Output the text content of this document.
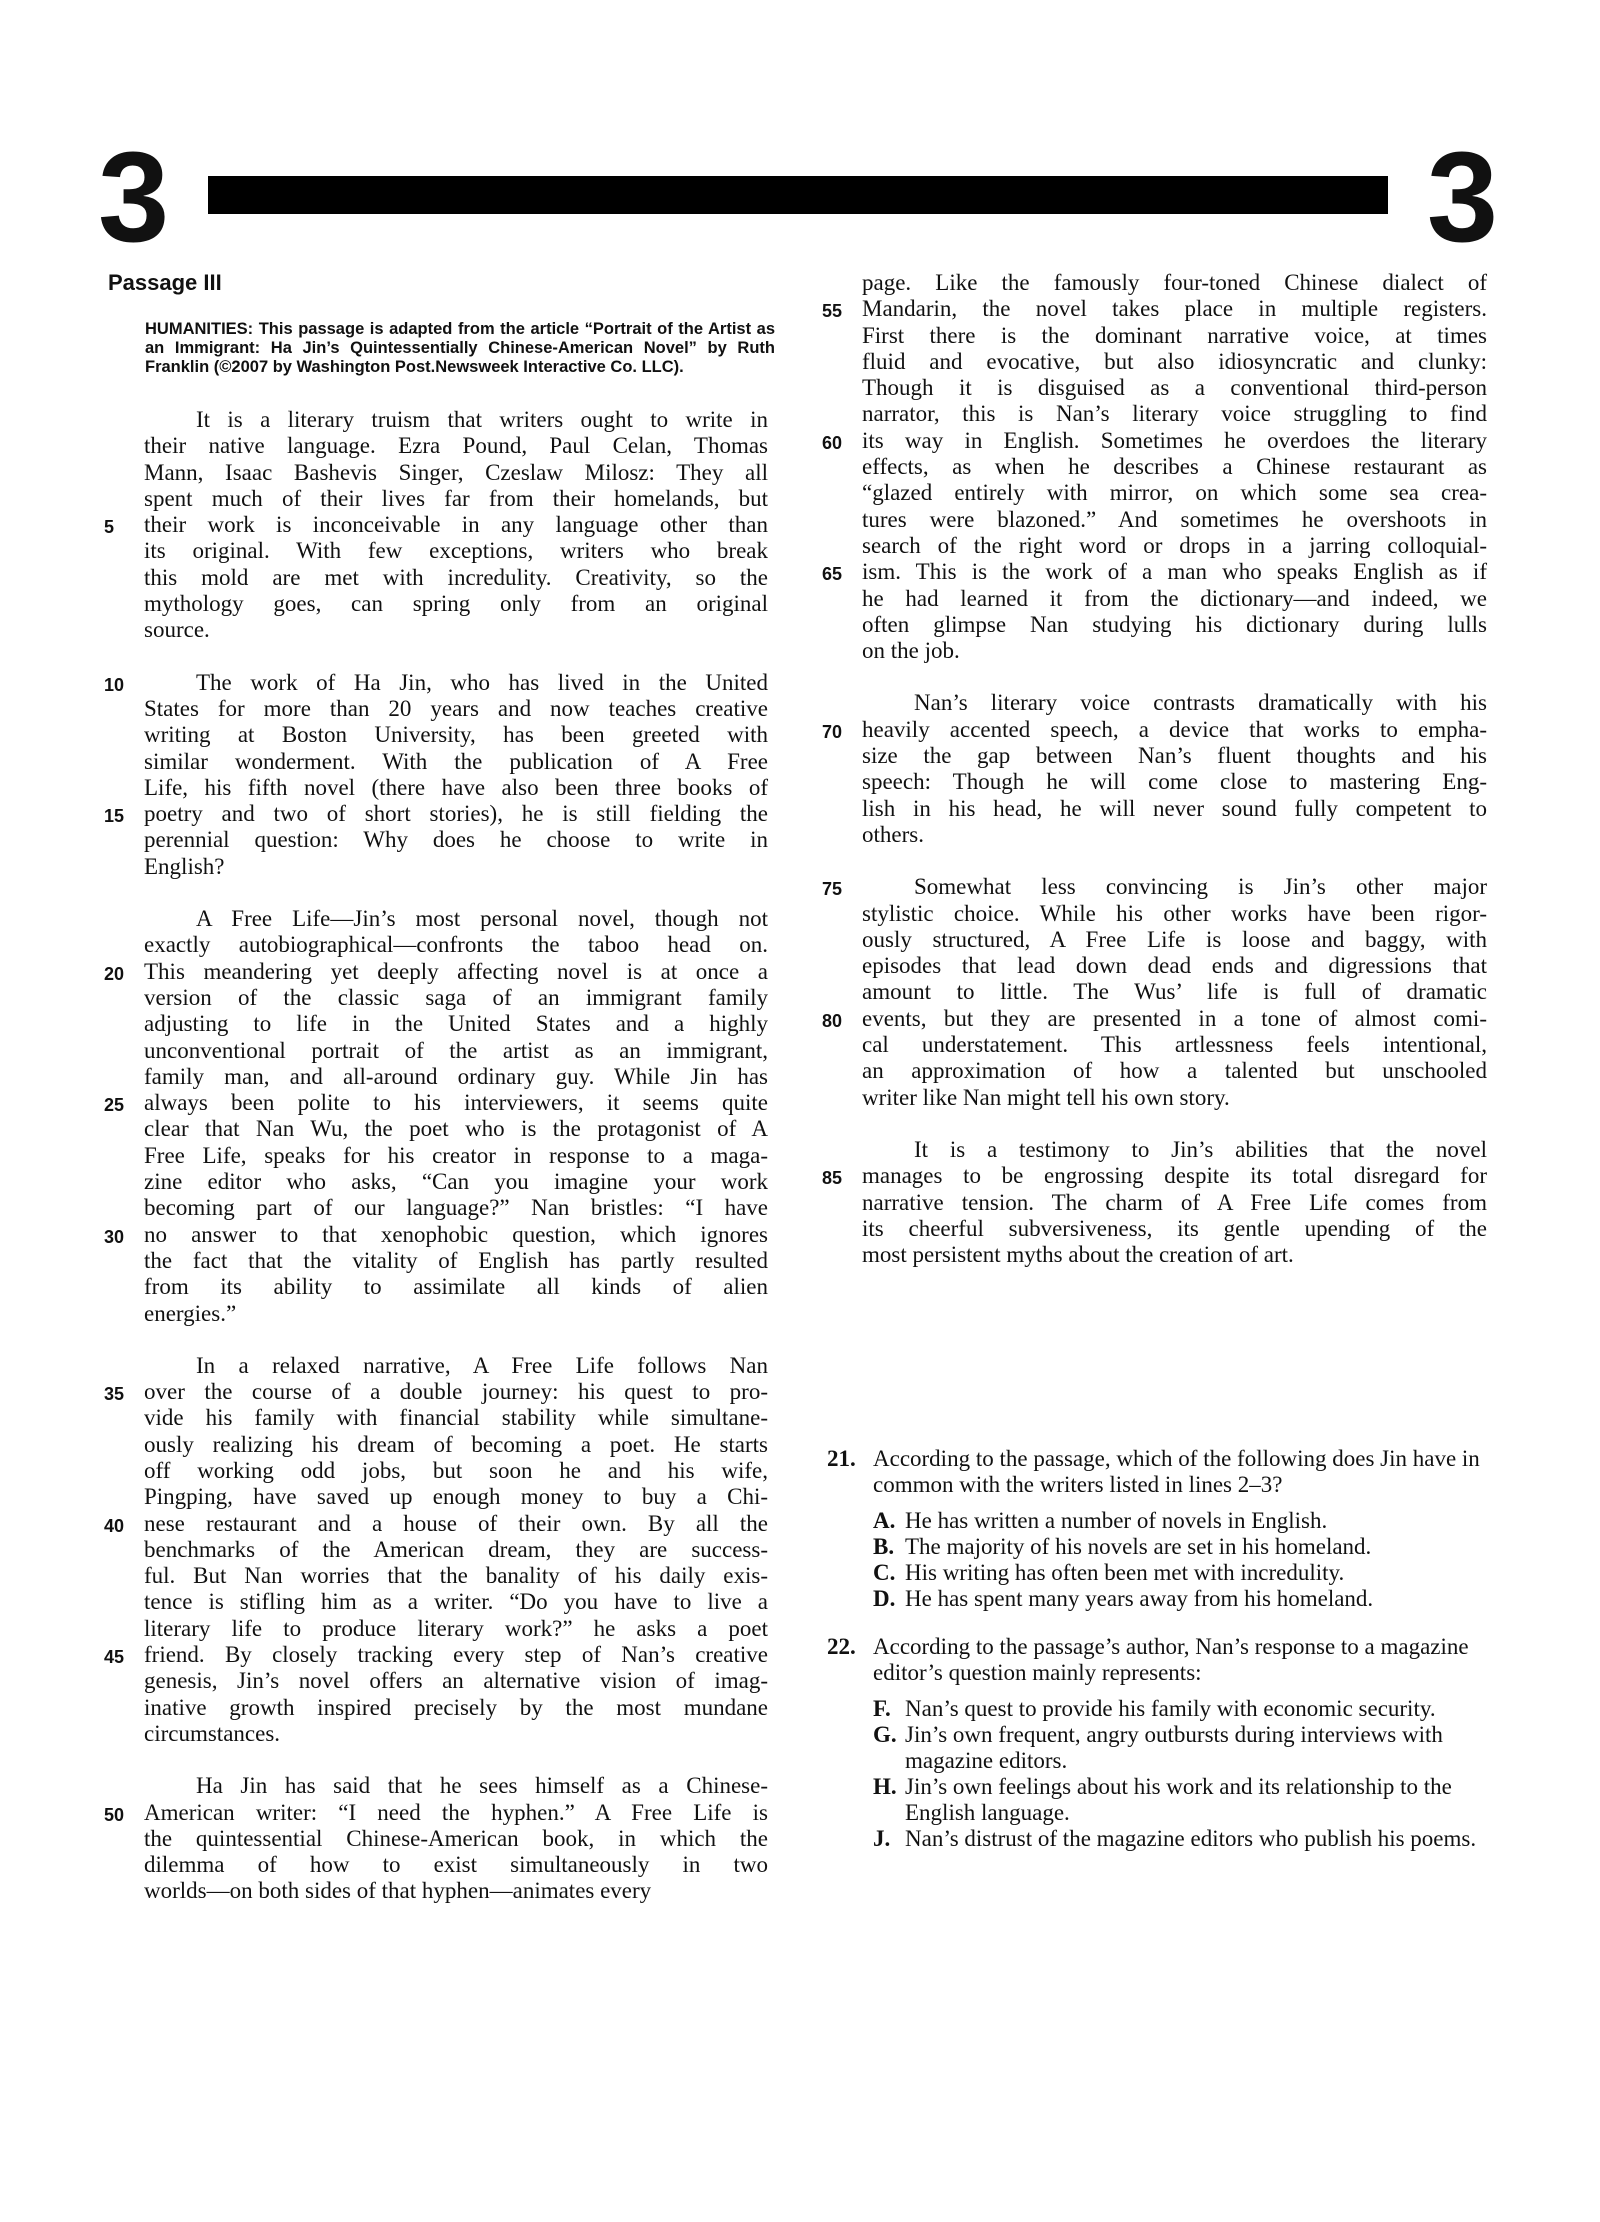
3	3
Passage III
HUMANITIES: This passage is adapted from the article “Portrait of the Artist as an Immigrant: Ha Jin’s Quintessentially Chinese-American Novel” by Ruth Franklin (©2007 by Washington Post.Newsweek Interactive Co. LLC).
It is a literary truism that writers ought to write in
their native language. Ezra Pound, Paul Celan, Thomas
Mann, Isaac Bashevis Singer, Czeslaw Milosz: They all
spent much of their lives far from their homelands, but
5 their work is inconceivable in any language other than
its original. With few exceptions, writers who break
this mold are met with incredulity. Creativity, so the
mythology goes, can spring only from an original
source.
10	The work of Ha Jin, who has lived in the United
States for more than 20 years and now teaches creative
writing at Boston University, has been greeted with
similar wonderment. With the publication of A Free
Life, his fifth novel (there have also been three books of
15 poetry and two of short stories), he is still fielding the
perennial question: Why does he choose to write in
English?
A Free Life—Jin’s most personal novel, though not
exactly autobiographical—confronts the taboo head on.
20 This meandering yet deeply affecting novel is at once a
version of the classic saga of an immigrant family
adjusting to life in the United States and a highly
unconventional portrait of the artist as an immigrant,
family man, and all-around ordinary guy. While Jin has
25 always been polite to his interviewers, it seems quite
clear that Nan Wu, the poet who is the protagonist of A
Free Life, speaks for his creator in response to a maga-
zine editor who asks, “Can you imagine your work
becoming part of our language?” Nan bristles: “I have
30 no answer to that xenophobic question, which ignores
the fact that the vitality of English has partly resulted
from its ability to assimilate all kinds of alien
energies.”
In a relaxed narrative, A Free Life follows Nan
35 over the course of a double journey: his quest to pro-
vide his family with financial stability while simultane-
ously realizing his dream of becoming a poet. He starts
off working odd jobs, but soon he and his wife,
Pingping, have saved up enough money to buy a Chi-
40 nese restaurant and a house of their own. By all the
benchmarks of the American dream, they are success-
ful. But Nan worries that the banality of his daily exis-
tence is stifling him as a writer. “Do you have to live a
literary life to produce literary work?” he asks a poet
45 friend. By closely tracking every step of Nan’s creative
genesis, Jin’s novel offers an alternative vision of imag-
inative growth inspired precisely by the most mundane
circumstances.
Ha Jin has said that he sees himself as a Chinese-
50 American writer: “I need the hyphen.” A Free Life is
the quintessential Chinese-American book, in which the
dilemma of how to exist simultaneously in two
worlds—on both sides of that hyphen—animates every
page. Like the famously four-toned Chinese dialect of
55 Mandarin, the novel takes place in multiple registers.
First there is the dominant narrative voice, at times
fluid and evocative, but also idiosyncratic and clunky:
Though it is disguised as a conventional third-person
narrator, this is Nan’s literary voice struggling to find
60 its way in English. Sometimes he overdoes the literary
effects, as when he describes a Chinese restaurant as
“glazed entirely with mirror, on which some sea crea-
tures were blazoned.” And sometimes he overshoots in
search of the right word or drops in a jarring colloquial-
65 ism. This is the work of a man who speaks English as if
he had learned it from the dictionary—and indeed, we
often glimpse Nan studying his dictionary during lulls
on the job.
Nan’s literary voice contrasts dramatically with his
70 heavily accented speech, a device that works to empha-
size the gap between Nan’s fluent thoughts and his
speech: Though he will come close to mastering Eng-
lish in his head, he will never sound fully competent to
others.
75	Somewhat less convincing is Jin’s other major
stylistic choice. While his other works have been rigor-
ously structured, A Free Life is loose and baggy, with
episodes that lead down dead ends and digressions that
amount to little. The Wus’ life is full of dramatic
80 events, but they are presented in a tone of almost comi-
cal understatement. This artlessness feels intentional,
an approximation of how a talented but unschooled
writer like Nan might tell his own story.
It is a testimony to Jin’s abilities that the novel
85 manages to be engrossing despite its total disregard for
narrative tension. The charm of A Free Life comes from
its cheerful subversiveness, its gentle upending of the
most persistent myths about the creation of art.
21. According to the passage, which of the following does Jin have in common with the writers listed in lines 2–3?
A. He has written a number of novels in English.
B. The majority of his novels are set in his homeland.
C. His writing has often been met with incredulity.
D. He has spent many years away from his homeland.
22. According to the passage’s author, Nan’s response to a magazine editor’s question mainly represents:
F. Nan’s quest to provide his family with economic security.
G. Jin’s own frequent, angry outbursts during interviews with magazine editors.
H. Jin’s own feelings about his work and its relationship to the English language.
J. Nan’s distrust of the magazine editors who publish his poems.
